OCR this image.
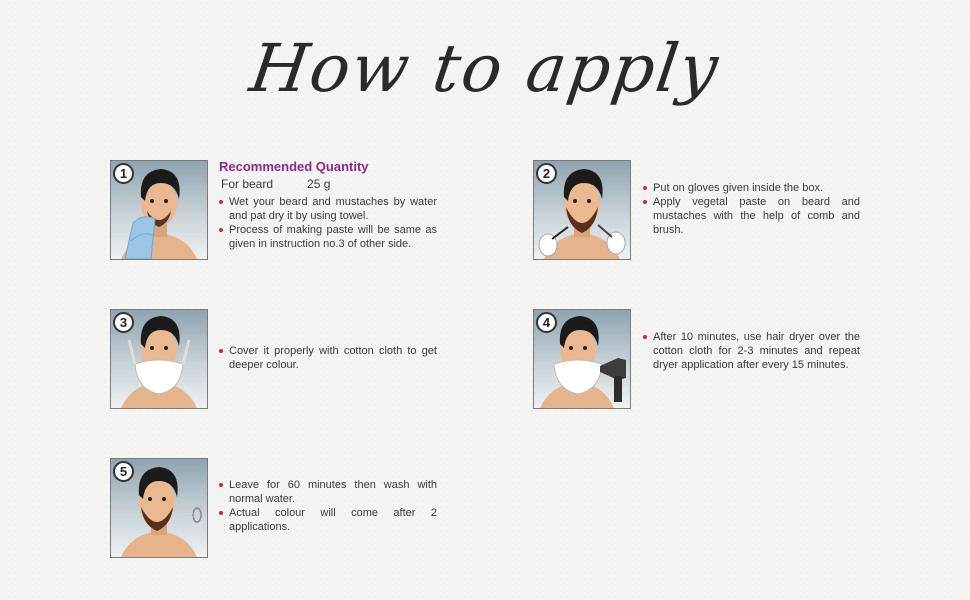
How to apply
1	Recommended Quantity
For beard	25 g
Wet your beard and mustaches by water and pat dry it by using towel.
Process of making paste will be same as given in instruction no.3 of other side.
2
Put on gloves given inside the box.
Apply vegetal paste on beard and mustaches with the help of comb and brush.
3
Cover it properly with cotton cloth to get deeper colour.
4
After 10 minutes, use hair dryer over the cotton cloth for 2-3 minutes and repeat dryer application after every 15 minutes.
5
Leave for 60 minutes then wash with normal water.
Actual colour will come after 2 applications.
